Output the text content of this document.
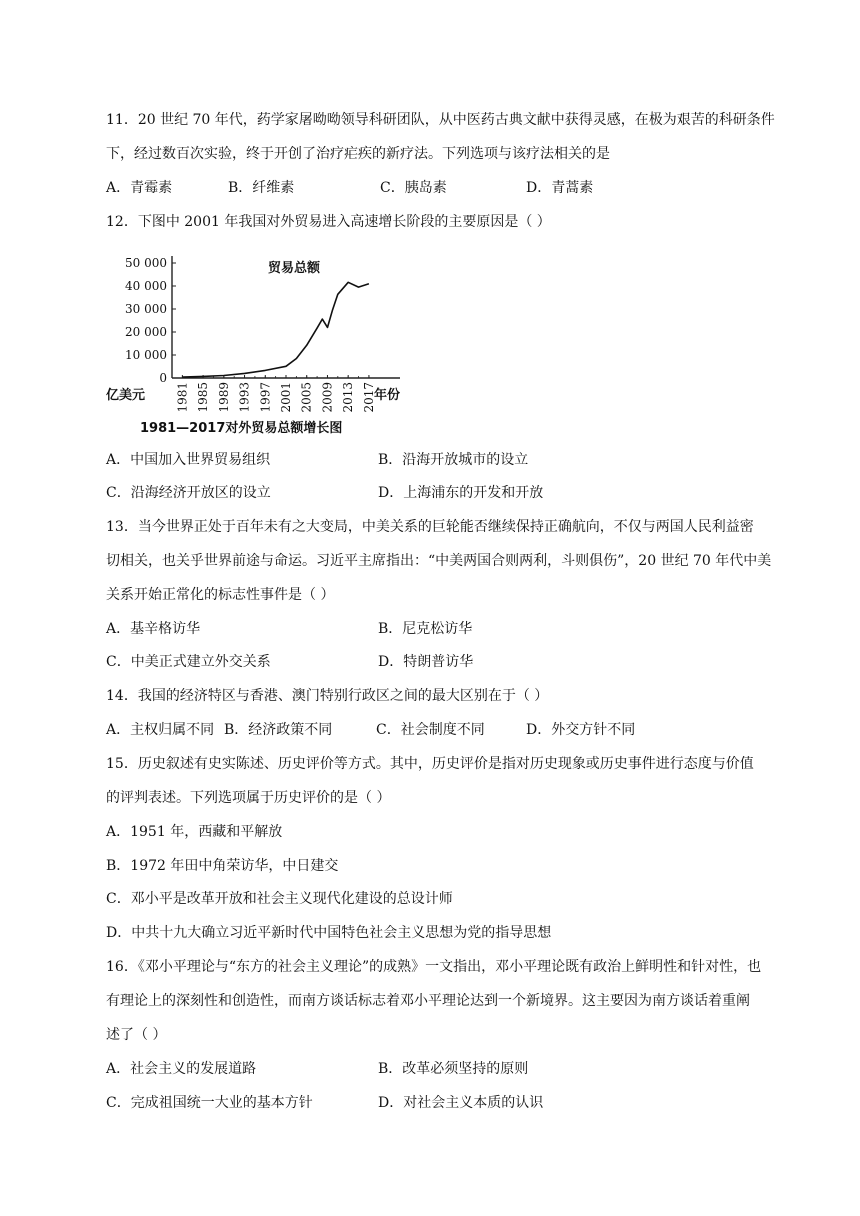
11．20 世纪 70 年代，药学家屠呦呦领导科研团队，从中医药古典文献中获得灵感，在极为艰苦的科研条件
下，经过数百次实验，终于开创了治疗疟疾的新疗法。下列选项与该疗法相关的是
A．青霉素	B．纤维素	C．胰岛素	D．青蒿素
12．下图中 2001 年我国对外贸易进入高速增长阶段的主要原因是（ ）
50 000
40 000
30 000
20 000
10 000
0
1981 1985 1989 1993 1997 2001 2005 2009 2013 2017
贸易总额
亿美元	年份
1981—2017对外贸易总额增长图
A．中国加入世界贸易组织	B．沿海开放城市的设立
C．沿海经济开放区的设立	D．上海浦东的开发和开放
13．当今世界正处于百年未有之大变局，中美关系的巨轮能否继续保持正确航向，不仅与两国人民利益密
切相关，也关乎世界前途与命运。习近平主席指出：“中美两国合则两利，斗则俱伤”，20 世纪 70 年代中美
关系开始正常化的标志性事件是（ ）
A．基辛格访华	B．尼克松访华
C．中美正式建立外交关系	D．特朗普访华
14．我国的经济特区与香港、澳门特别行政区之间的最大区别在于（ ）
A．主权归属不同 B．经济政策不同	C．社会制度不同	D．外交方针不同
15．历史叙述有史实陈述、历史评价等方式。其中，历史评价是指对历史现象或历史事件进行态度与价值
的评判表述。下列选项属于历史评价的是（ ）
A．1951 年，西藏和平解放
B．1972 年田中角荣访华，中日建交
C．邓小平是改革开放和社会主义现代化建设的总设计师
D．中共十九大确立习近平新时代中国特色社会主义思想为党的指导思想
16．《邓小平理论与“东方的社会主义理论”的成熟》一文指出，邓小平理论既有政治上鲜明性和针对性，也
有理论上的深刻性和创造性，而南方谈话标志着邓小平理论达到一个新境界。这主要因为南方谈话着重阐
述了（ ）
A．社会主义的发展道路	B．改革必须坚持的原则
C．完成祖国统一大业的基本方针	D．对社会主义本质的认识
